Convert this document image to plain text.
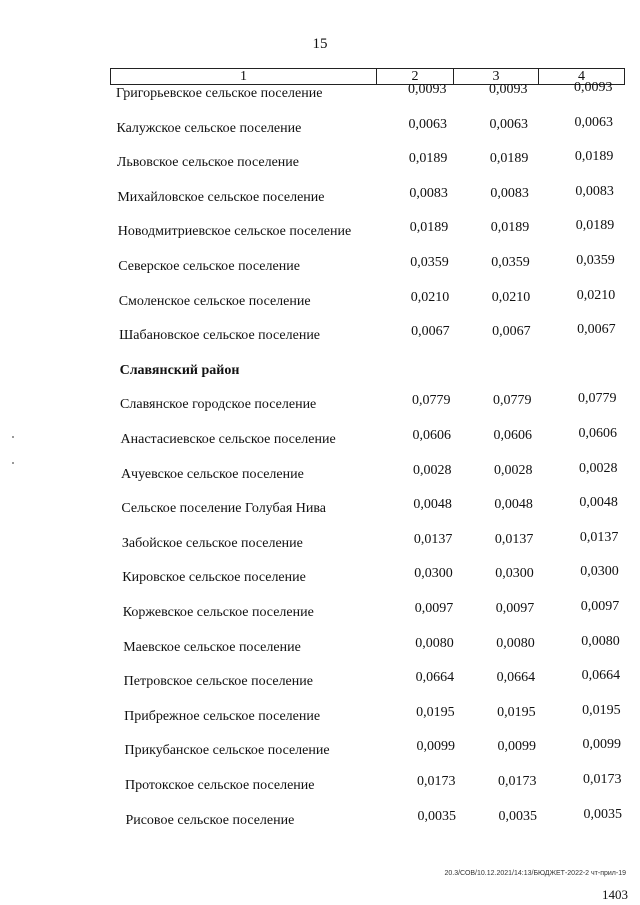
15
1	2	3	4
Григорьевское сельское поселение	0,0093	0,0093	0,0093
Калужское сельское поселение	0,0063	0,0063	0,0063
Львовское сельское поселение	0,0189	0,0189	0,0189
Михайловское сельское поселение	0,0083	0,0083	0,0083
Новодмитриевское сельское поселение	0,0189	0,0189	0,0189
Северское сельское поселение	0,0359	0,0359	0,0359
Смоленское сельское поселение	0,0210	0,0210	0,0210
Шабановское сельское поселение	0,0067	0,0067	0,0067
Славянский район
Славянское городское поселение	0,0779	0,0779	0,0779
Анастасиевское сельское поселение	0,0606	0,0606	0,0606
Ачуевское сельское поселение	0,0028	0,0028	0,0028
Сельское поселение Голубая Нива	0,0048	0,0048	0,0048
Забойское сельское поселение	0,0137	0,0137	0,0137
Кировское сельское поселение	0,0300	0,0300	0,0300
Коржевское сельское поселение	0,0097	0,0097	0,0097
Маевское сельское поселение	0,0080	0,0080	0,0080
Петровское сельское поселение	0,0664	0,0664	0,0664
Прибрежное сельское поселение	0,0195	0,0195	0,0195
Прикубанское сельское поселение	0,0099	0,0099	0,0099
Протокское сельское поселение	0,0173	0,0173	0,0173
Рисовое сельское поселение	0,0035	0,0035	0,0035
20.3/СОВ/10.12.2021/14:13/БЮДЖЕТ-2022-2 чт-прил-19
1403
